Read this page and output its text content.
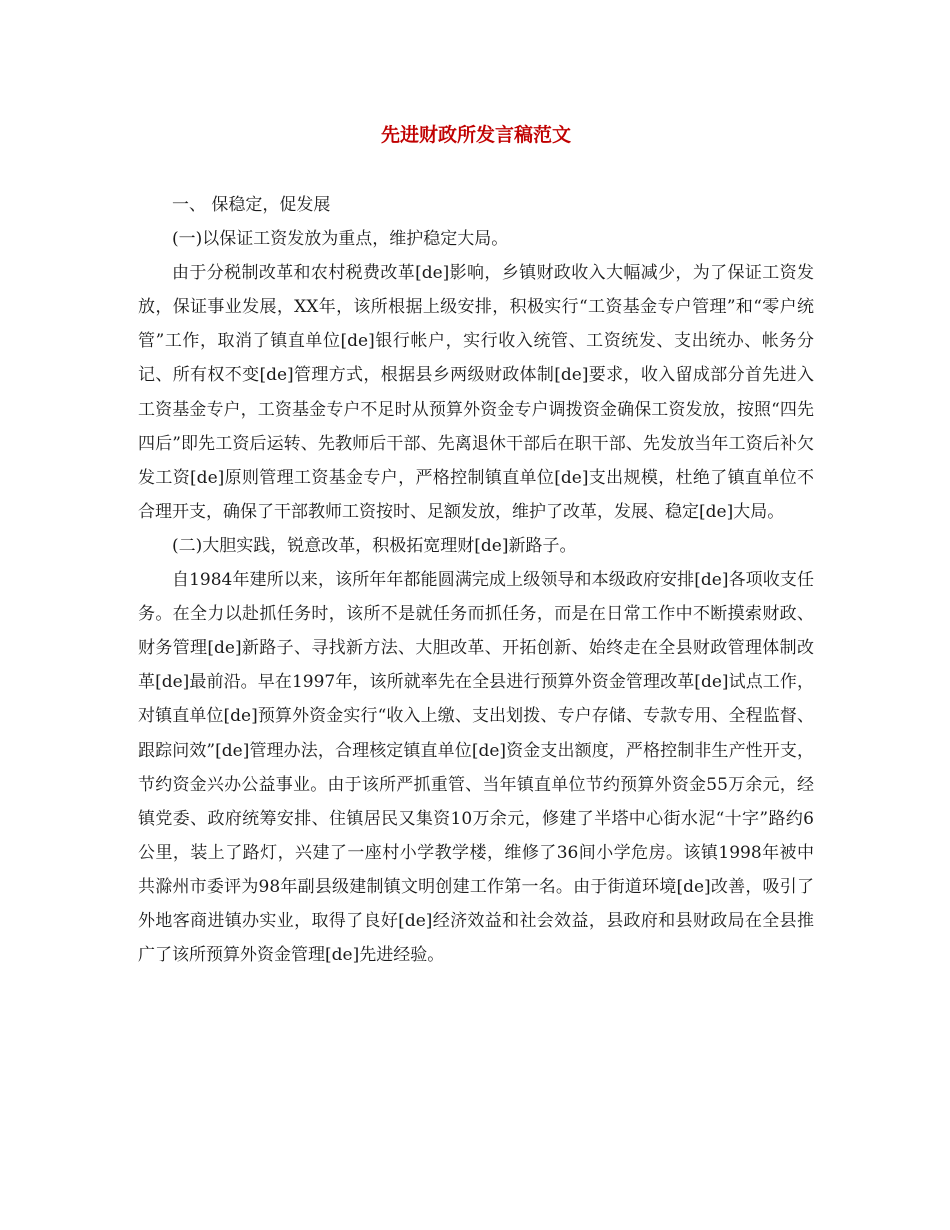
先进财政所发言稿范文

一、 保稳定，促发展

(一)以保证工资发放为重点，维护稳定大局。

由于分税制改革和农村税费改革[de]影响，乡镇财政收入大幅减少，为了保证工资发放，保证事业发展，XX年，该所根据上级安排，积极实行“工资基金专户管理”和“零户统管”工作，取消了镇直单位[de]银行帐户，实行收入统管、工资统发、支出统办、帐务分记、所有权不变[de]管理方式，根据县乡两级财政体制[de]要求，收入留成部分首先进入工资基金专户，工资基金专户不足时从预算外资金专户调拨资金确保工资发放，按照“四先四后”即先工资后运转、先教师后干部、先离退休干部后在职干部、先发放当年工资后补欠发工资[de]原则管理工资基金专户，严格控制镇直单位[de]支出规模，杜绝了镇直单位不合理开支，确保了干部教师工资按时、足额发放，维护了改革，发展、稳定[de]大局。

(二)大胆实践，锐意改革，积极拓宽理财[de]新路子。

自1984年建所以来，该所年年都能圆满完成上级领导和本级政府安排[de]各项收支任务。在全力以赴抓任务时，该所不是就任务而抓任务，而是在日常工作中不断摸索财政、财务管理[de]新路子、寻找新方法、大胆改革、开拓创新、始终走在全县财政管理体制改革[de]最前沿。早在1997年，该所就率先在全县进行预算外资金管理改革[de]试点工作，对镇直单位[de]预算外资金实行“收入上缴、支出划拨、专户存储、专款专用、全程监督、跟踪问效”[de]管理办法，合理核定镇直单位[de]资金支出额度，严格控制非生产性开支，节约资金兴办公益事业。由于该所严抓重管、当年镇直单位节约预算外资金55万余元，经镇党委、政府统筹安排、住镇居民又集资10万余元，修建了半塔中心街水泥“十字”路约6公里，装上了路灯，兴建了一座村小学教学楼，维修了36间小学危房。该镇1998年被中共滁州市委评为98年副县级建制镇文明创建工作第一名。由于街道环境[de]改善，吸引了外地客商进镇办实业，取得了良好[de]经济效益和社会效益，县政府和县财政局在全县推广了该所预算外资金管理[de]先进经验。
